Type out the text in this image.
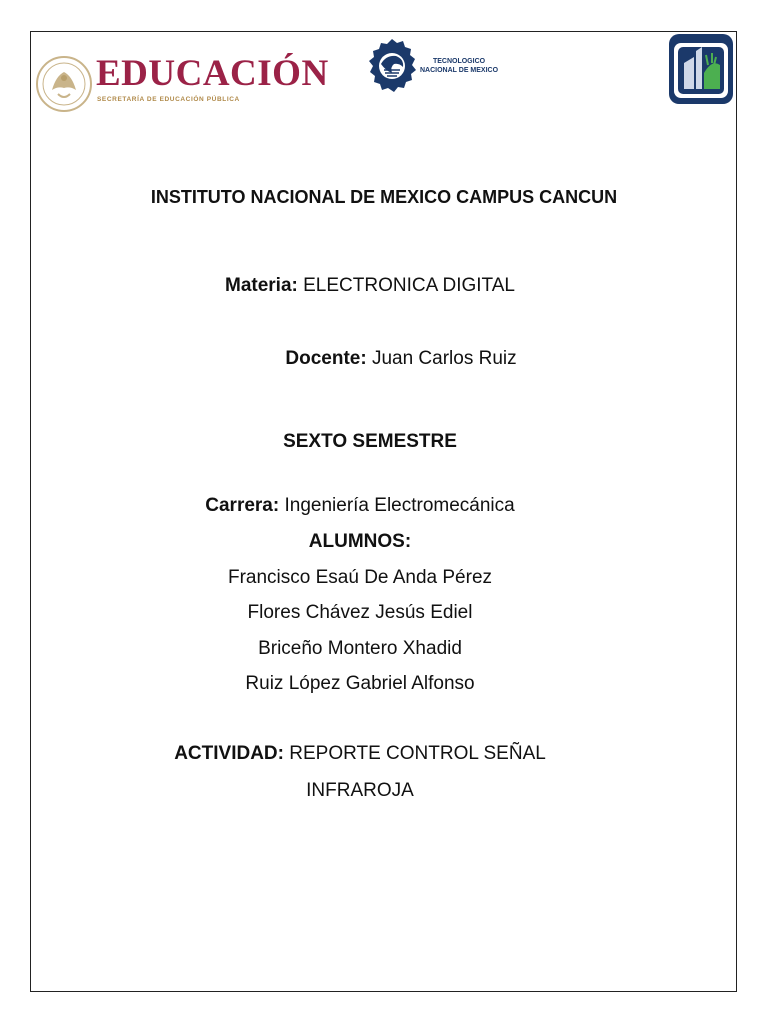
EDUCACIÓN
SECRETARÍA DE EDUCACIÓN PÚBLICA
TECNOLOGICO
NACIONAL DE MEXICO
INSTITUTO NACIONAL DE MEXICO CAMPUS CANCUN
Materia: ELECTRONICA DIGITAL
Docente: Juan Carlos Ruiz
SEXTO SEMESTRE
Carrera: Ingeniería Electromecánica
ALUMNOS:
Francisco Esaú De Anda Pérez
Flores Chávez Jesús Ediel
Briceño Montero Xhadid
Ruiz López Gabriel Alfonso
ACTIVIDAD: REPORTE CONTROL SEÑAL
INFRAROJA
